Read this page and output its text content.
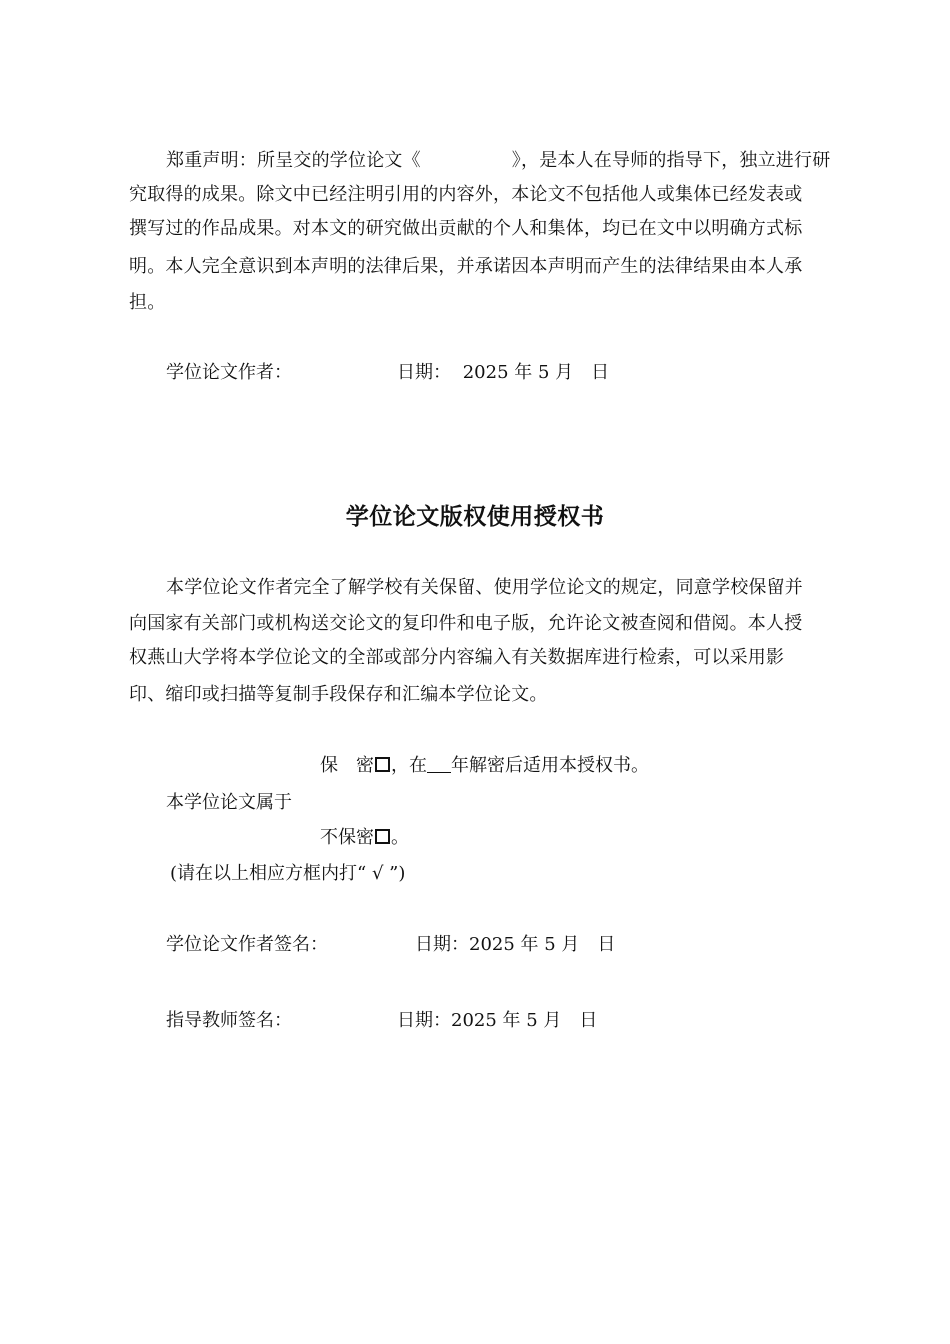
郑重声明：所呈交的学位论文《　　　　　》，是本人在导师的指导下，独立进行研
究取得的成果。除文中已经注明引用的内容外，本论文不包括他人或集体已经发表或
撰写过的作品成果。对本文的研究做出贡献的个人和集体，均已在文中以明确方式标
明。本人完全意识到本声明的法律后果，并承诺因本声明而产生的法律结果由本人承
担。
学位论文作者：	日期： 2025 年 5 月　日
学位论文版权使用授权书
本学位论文作者完全了解学校有关保留、使用学位论文的规定，同意学校保留并
向国家有关部门或机构送交论文的复印件和电子版，允许论文被查阅和借阅。本人授
权燕山大学将本学位论文的全部或部分内容编入有关数据库进行检索，可以采用影
印、缩印或扫描等复制手段保存和汇编本学位论文。
保　密 ，在 年解密后适用本授权书。
本学位论文属于
不保密 。
(请在以上相应方框内打“ √ ”)
学位论文作者签名：	日期：2025 年 5 月　日
指导教师签名：	日期：2025 年 5 月　日
